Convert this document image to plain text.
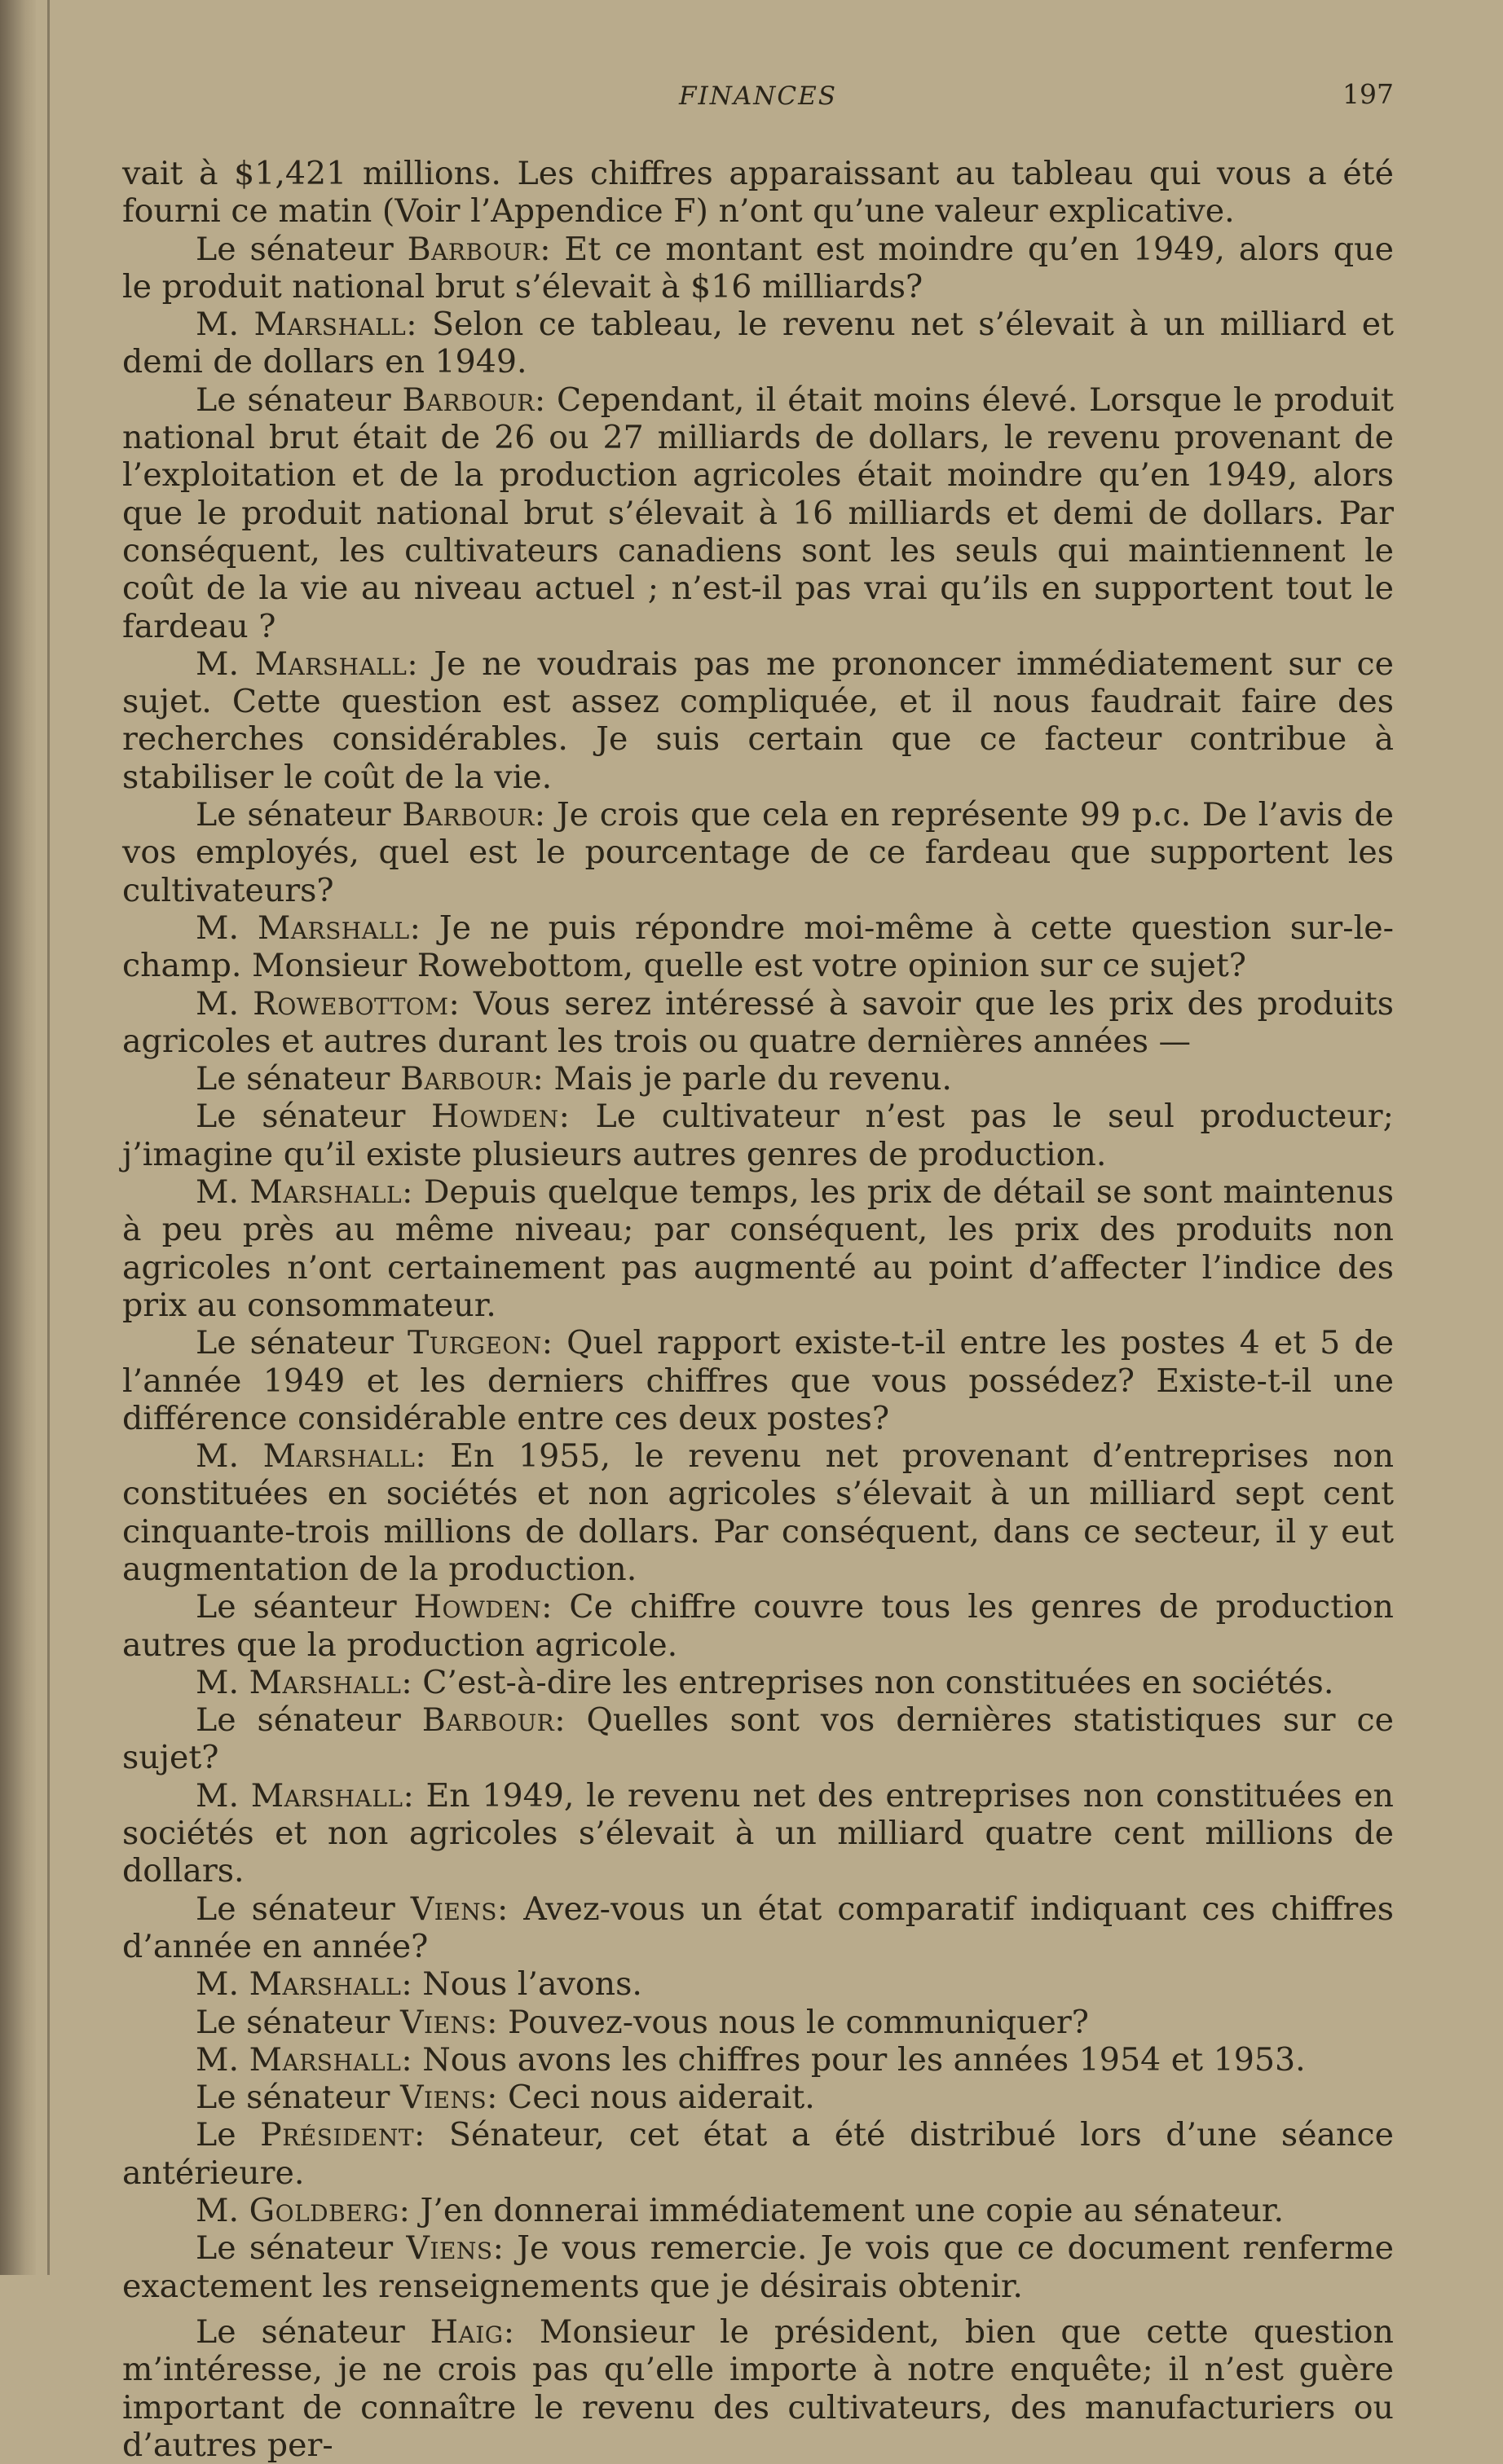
FINANCES	197

vait à $1,421 millions. Les chiffres apparaissant au tableau qui vous a été fourni ce matin (Voir l’Appendice F) n’ont qu’une valeur explicative.

Le sénateur Barbour: Et ce montant est moindre qu’en 1949, alors que le produit national brut s’élevait à $16 milliards?

M. Marshall: Selon ce tableau, le revenu net s’élevait à un milliard et demi de dollars en 1949.

Le sénateur Barbour: Cependant, il était moins élevé. Lorsque le produit national brut était de 26 ou 27 milliards de dollars, le revenu provenant de l’exploitation et de la production agricoles était moindre qu’en 1949, alors que le produit national brut s’élevait à 16 milliards et demi de dollars. Par conséquent, les cultivateurs canadiens sont les seuls qui maintiennent le coût de la vie au niveau actuel ; n’est-il pas vrai qu’ils en supportent tout le fardeau ?

M. Marshall: Je ne voudrais pas me prononcer immédiatement sur ce sujet. Cette question est assez compliquée, et il nous faudrait faire des recherches considérables. Je suis certain que ce facteur contribue à stabiliser le coût de la vie.

Le sénateur Barbour: Je crois que cela en représente 99 p.c. De l’avis de vos employés, quel est le pourcentage de ce fardeau que supportent les cultivateurs?

M. Marshall: Je ne puis répondre moi-même à cette question sur-le-champ. Monsieur Rowebottom, quelle est votre opinion sur ce sujet?

M. Rowebottom: Vous serez intéressé à savoir que les prix des produits agricoles et autres durant les trois ou quatre dernières années —

Le sénateur Barbour: Mais je parle du revenu.

Le sénateur Howden: Le cultivateur n’est pas le seul producteur; j’imagine qu’il existe plusieurs autres genres de production.

M. Marshall: Depuis quelque temps, les prix de détail se sont maintenus à peu près au même niveau; par conséquent, les prix des produits non agricoles n’ont certainement pas augmenté au point d’affecter l’indice des prix au consommateur.

Le sénateur Turgeon: Quel rapport existe-t-il entre les postes 4 et 5 de l’année 1949 et les derniers chiffres que vous possédez? Existe-t-il une différence considérable entre ces deux postes?

M. Marshall: En 1955, le revenu net provenant d’entreprises non constituées en sociétés et non agricoles s’élevait à un milliard sept cent cinquante-trois millions de dollars. Par conséquent, dans ce secteur, il y eut augmentation de la production.

Le séanteur Howden: Ce chiffre couvre tous les genres de production autres que la production agricole.

M. Marshall: C’est-à-dire les entreprises non constituées en sociétés.

Le sénateur Barbour: Quelles sont vos dernières statistiques sur ce sujet?

M. Marshall: En 1949, le revenu net des entreprises non constituées en sociétés et non agricoles s’élevait à un milliard quatre cent millions de dollars.

Le sénateur Viens: Avez-vous un état comparatif indiquant ces chiffres d’année en année?

M. Marshall: Nous l’avons.

Le sénateur Viens: Pouvez-vous nous le communiquer?

M. Marshall: Nous avons les chiffres pour les années 1954 et 1953.

Le sénateur Viens: Ceci nous aiderait.

Le Président: Sénateur, cet état a été distribué lors d’une séance antérieure.

M. Goldberg: J’en donnerai immédiatement une copie au sénateur.

Le sénateur Viens: Je vous remercie. Je vois que ce document renferme exactement les renseignements que je désirais obtenir.

Le sénateur Haig: Monsieur le président, bien que cette question m’intéresse, je ne crois pas qu’elle importe à notre enquête; il n’est guère important de connaître le revenu des cultivateurs, des manufacturiers ou d’autres per-
